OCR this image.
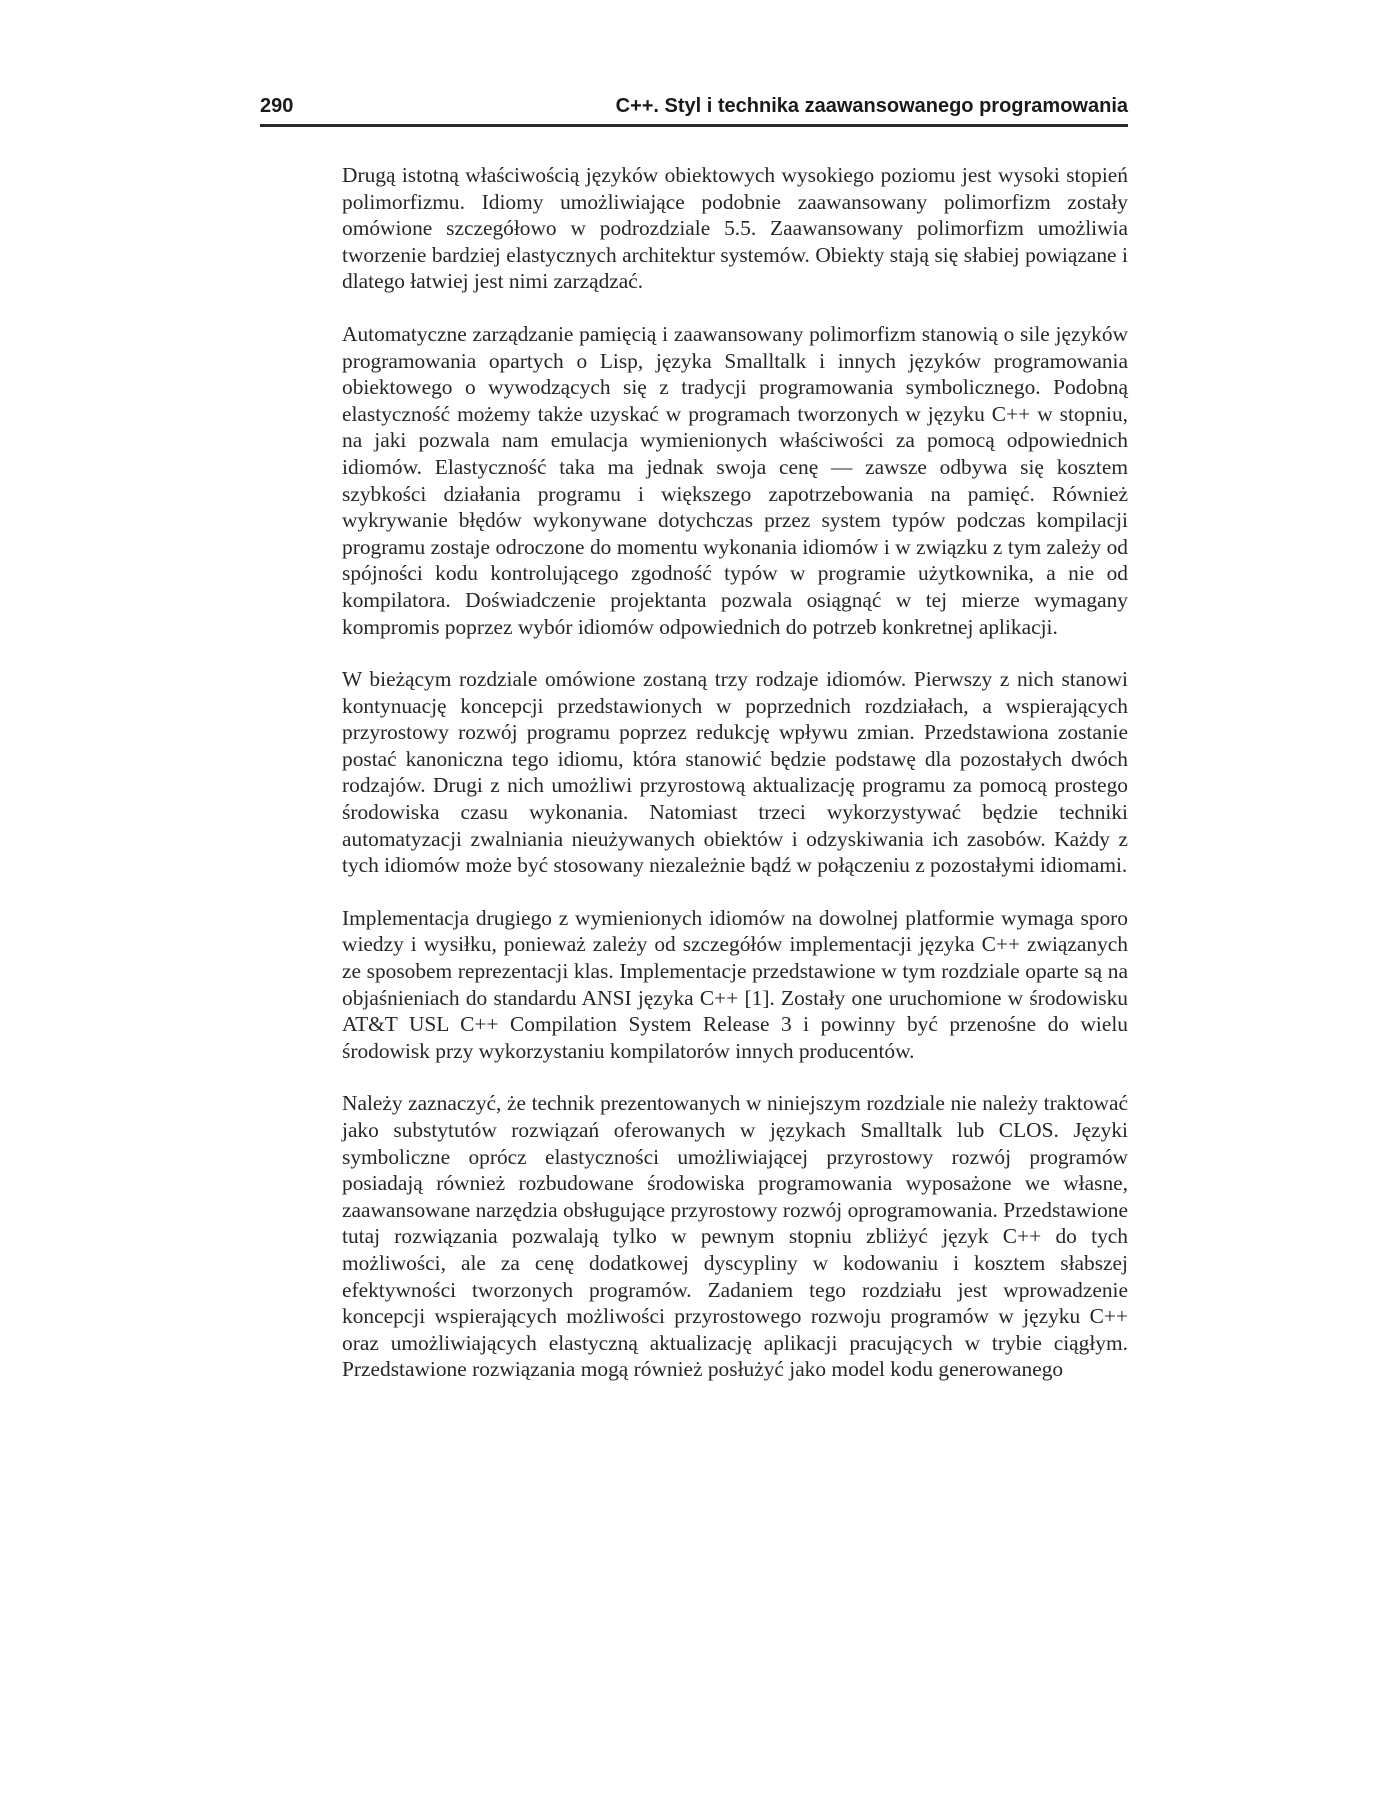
290	C++. Styl i technika zaawansowanego programowania

Drugą istotną właściwością języków obiektowych wysokiego poziomu jest wysoki stopień polimorfizmu. Idiomy umożliwiające podobnie zaawansowany polimorfizm zostały omówione szczegółowo w podrozdziale 5.5. Zaawansowany polimorfizm umożliwia tworzenie bardziej elastycznych architektur systemów. Obiekty stają się słabiej powiązane i dlatego łatwiej jest nimi zarządzać.

Automatyczne zarządzanie pamięcią i zaawansowany polimorfizm stanowią o sile języków programowania opartych o Lisp, języka Smalltalk i innych języków programowania obiektowego o wywodzących się z tradycji programowania symbolicznego. Podobną elastyczność możemy także uzyskać w programach tworzonych w języku C++ w stopniu, na jaki pozwala nam emulacja wymienionych właściwości za pomocą odpowiednich idiomów. Elastyczność taka ma jednak swoja cenę — zawsze odbywa się kosztem szybkości działania programu i większego zapotrzebowania na pamięć. Również wykrywanie błędów wykonywane dotychczas przez system typów podczas kompilacji programu zostaje odroczone do momentu wykonania idiomów i w związku z tym zależy od spójności kodu kontrolującego zgodność typów w programie użytkownika, a nie od kompilatora. Doświadczenie projektanta pozwala osiągnąć w tej mierze wymagany kompromis poprzez wybór idiomów odpowiednich do potrzeb konkretnej aplikacji.

W bieżącym rozdziale omówione zostaną trzy rodzaje idiomów. Pierwszy z nich stanowi kontynuację koncepcji przedstawionych w poprzednich rozdziałach, a wspierających przyrostowy rozwój programu poprzez redukcję wpływu zmian. Przedstawiona zostanie postać kanoniczna tego idiomu, która stanowić będzie podstawę dla pozostałych dwóch rodzajów. Drugi z nich umożliwi przyrostową aktualizację programu za pomocą prostego środowiska czasu wykonania. Natomiast trzeci wykorzystywać będzie techniki automatyzacji zwalniania nieużywanych obiektów i odzyskiwania ich zasobów. Każdy z tych idiomów może być stosowany niezależnie bądź w połączeniu z pozostałymi idiomami.

Implementacja drugiego z wymienionych idiomów na dowolnej platformie wymaga sporo wiedzy i wysiłku, ponieważ zależy od szczegółów implementacji języka C++ związanych ze sposobem reprezentacji klas. Implementacje przedstawione w tym rozdziale oparte są na objaśnieniach do standardu ANSI języka C++ [1]. Zostały one uruchomione w środowisku AT&T USL C++ Compilation System Release 3 i powinny być przenośne do wielu środowisk przy wykorzystaniu kompilatorów innych producentów.

Należy zaznaczyć, że technik prezentowanych w niniejszym rozdziale nie należy traktować jako substytutów rozwiązań oferowanych w językach Smalltalk lub CLOS. Języki symboliczne oprócz elastyczności umożliwiającej przyrostowy rozwój programów posiadają również rozbudowane środowiska programowania wyposażone we własne, zaawansowane narzędzia obsługujące przyrostowy rozwój oprogramowania. Przedstawione tutaj rozwiązania pozwalają tylko w pewnym stopniu zbliżyć język C++ do tych możliwości, ale za cenę dodatkowej dyscypliny w kodowaniu i kosztem słabszej efektywności tworzonych programów. Zadaniem tego rozdziału jest wprowadzenie koncepcji wspierających możliwości przyrostowego rozwoju programów w języku C++ oraz umożliwiających elastyczną aktualizację aplikacji pracujących w trybie ciągłym. Przedstawione rozwiązania mogą również posłużyć jako model kodu generowanego
